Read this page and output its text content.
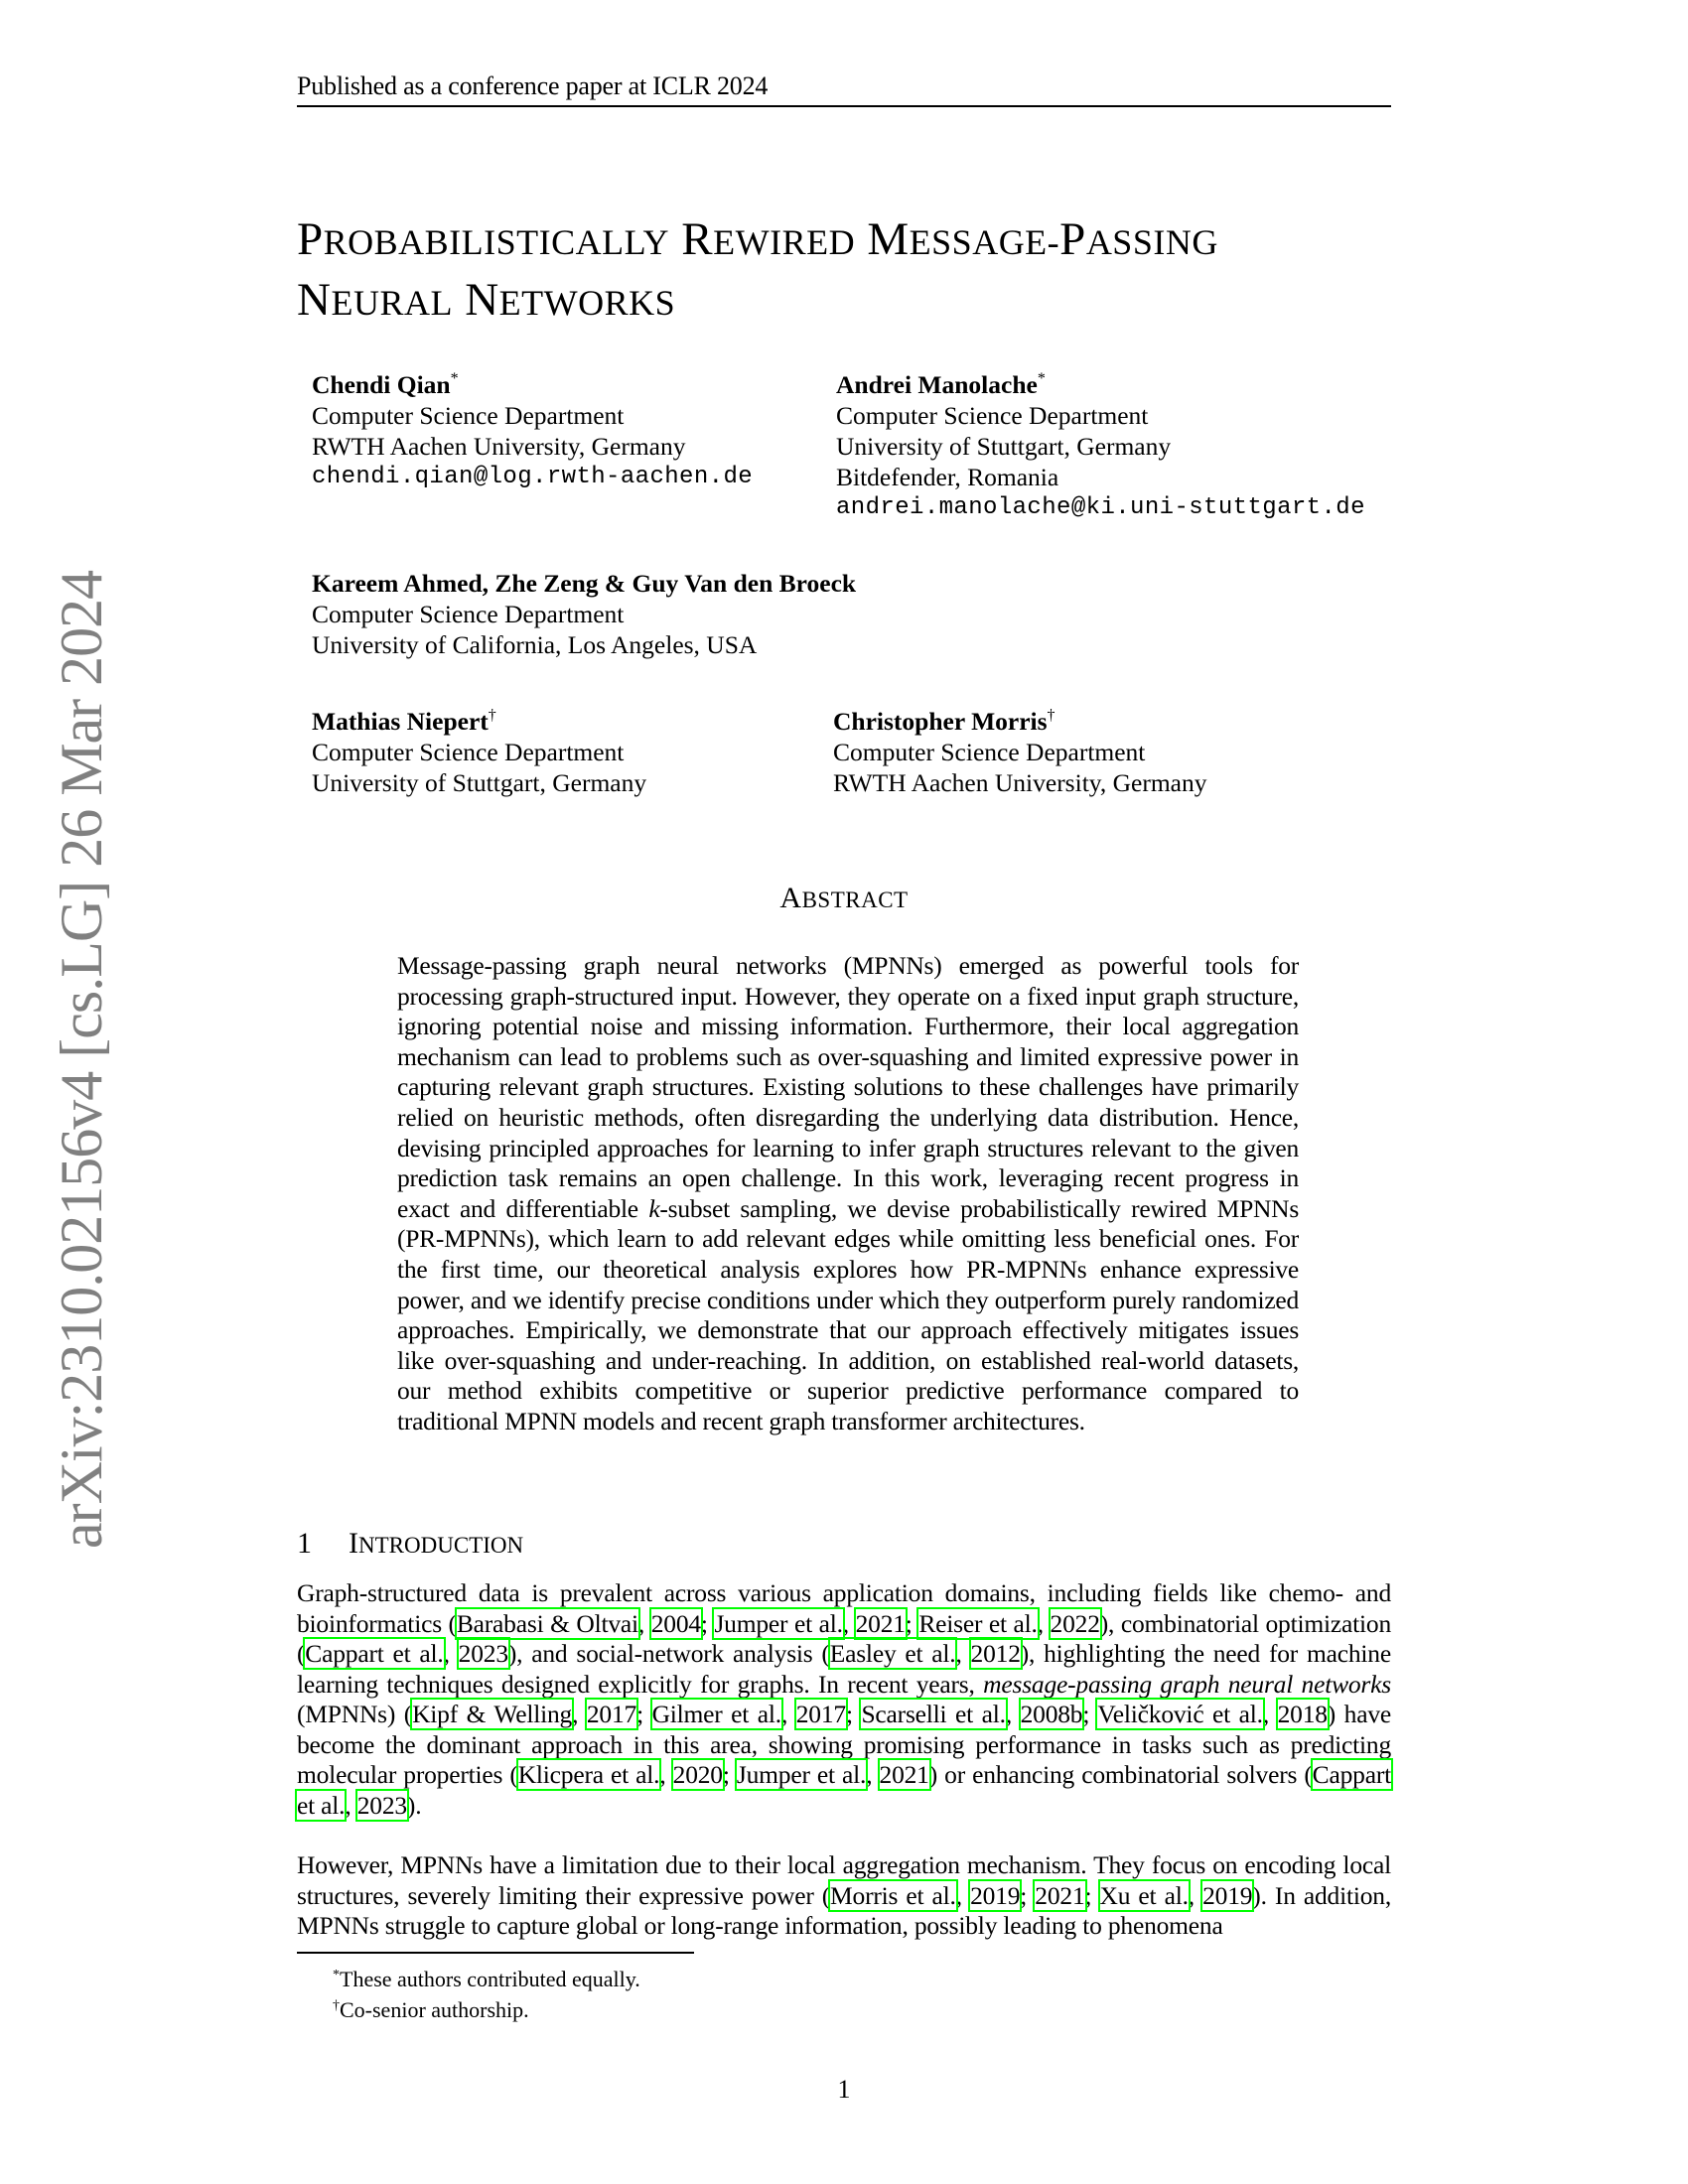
Published as a conference paper at ICLR 2024
arXiv:2310.02156v4 [cs.LG] 26 Mar 2024
PROBABILISTICALLY REWIRED MESSAGE-PASSING
NEURAL NETWORKS
Chendi Qian*
Computer Science Department
RWTH Aachen University, Germany
chendi.qian@log.rwth-aachen.de
Andrei Manolache*
Computer Science Department
University of Stuttgart, Germany
Bitdefender, Romania
andrei.manolache@ki.uni-stuttgart.de
Kareem Ahmed, Zhe Zeng & Guy Van den Broeck
Computer Science Department
University of California, Los Angeles, USA
Mathias Niepert†
Computer Science Department
University of Stuttgart, Germany
Christopher Morris†
Computer Science Department
RWTH Aachen University, Germany
ABSTRACT
Message-passing graph neural networks (MPNNs) emerged as powerful tools for processing graph-structured input. However, they operate on a fixed input graph structure, ignoring potential noise and missing information. Furthermore, their local aggregation mechanism can lead to problems such as over-squashing and limited expressive power in capturing relevant graph structures. Existing solutions to these challenges have primarily relied on heuristic methods, often disregarding the underlying data distribution. Hence, devising principled approaches for learning to infer graph structures relevant to the given prediction task remains an open challenge. In this work, leveraging recent progress in exact and differentiable k-subset sampling, we devise probabilistically rewired MPNNs (PR-MPNNs), which learn to add relevant edges while omitting less beneficial ones. For the first time, our theoretical analysis explores how PR-MPNNs enhance expressive power, and we identify precise conditions under which they outperform purely randomized approaches. Empirically, we demonstrate that our approach effectively mitigates issues like over-squashing and under-reaching. In addition, on established real-world datasets, our method exhibits competitive or superior predictive performance compared to traditional MPNN models and recent graph transformer architectures.
1 INTRODUCTION
Graph-structured data is prevalent across various application domains, including fields like chemo- and bioinformatics (Barabasi & Oltvai, 2004; Jumper et al., 2021; Reiser et al., 2022), combinatorial optimization (Cappart et al., 2023), and social-network analysis (Easley et al., 2012), highlighting the need for machine learning techniques designed explicitly for graphs. In recent years, message-passing graph neural networks (MPNNs) (Kipf & Welling, 2017; Gilmer et al., 2017; Scarselli et al., 2008b; Veličković et al., 2018) have become the dominant approach in this area, showing promising performance in tasks such as predicting molecular properties (Klicpera et al., 2020; Jumper et al., 2021) or enhancing combinatorial solvers (Cappart et al., 2023).
However, MPNNs have a limitation due to their local aggregation mechanism. They focus on encoding local structures, severely limiting their expressive power (Morris et al., 2019; 2021; Xu et al., 2019). In addition, MPNNs struggle to capture global or long-range information, possibly leading to phenomena
*These authors contributed equally.
†Co-senior authorship.
1
